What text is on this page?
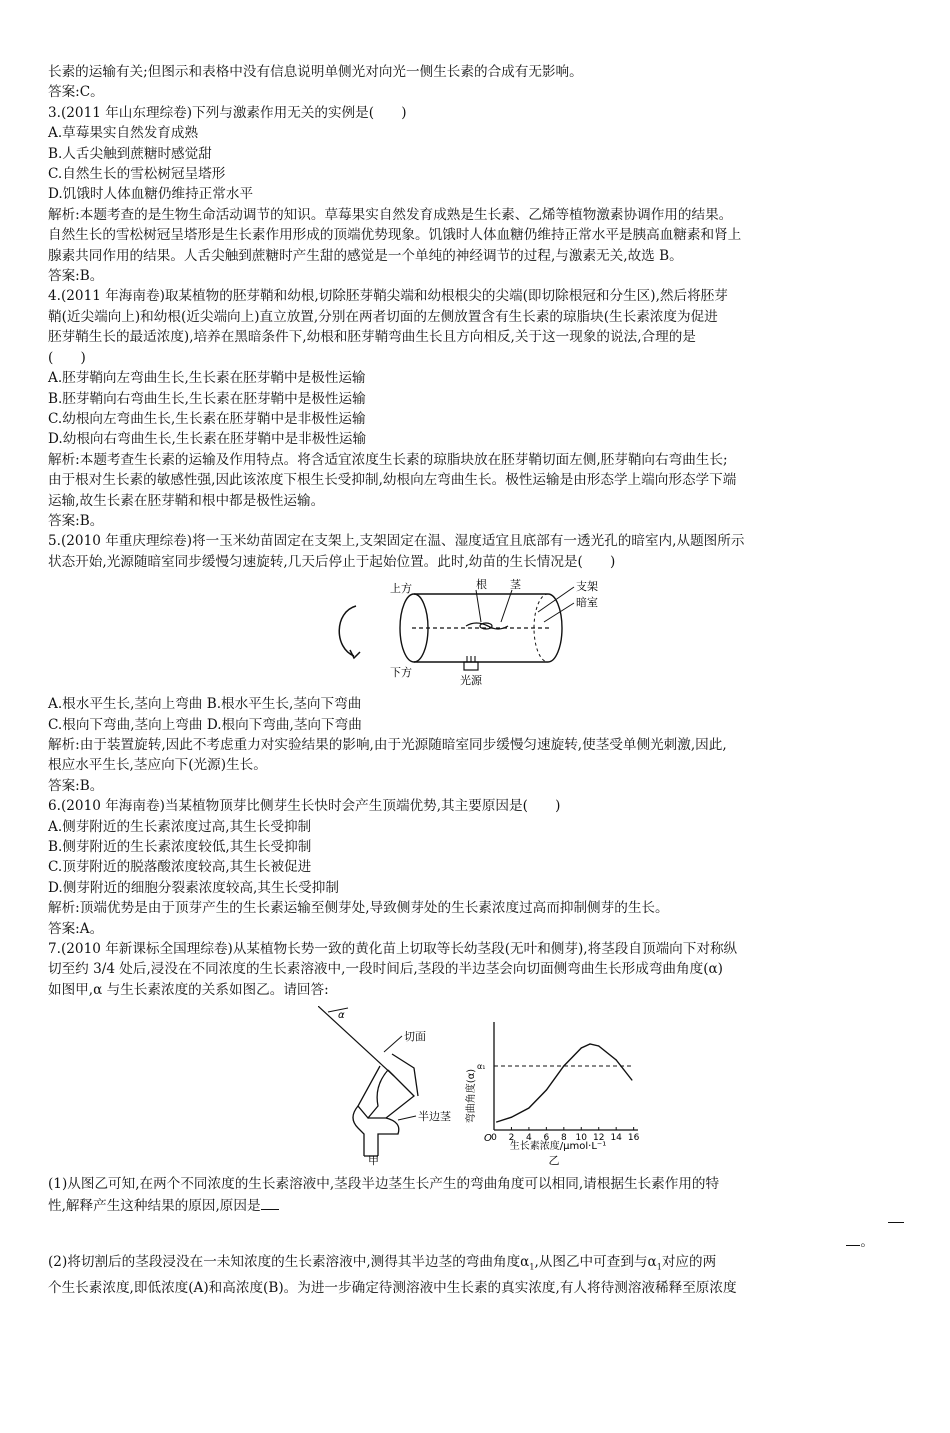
长素的运输有关;但图示和表格中没有信息说明单侧光对向光一侧生长素的合成有无影响。
答案:C。
3.(2011 年山东理综卷)下列与激素作用无关的实例是(　　)
A.草莓果实自然发育成熟
B.人舌尖触到蔗糖时感觉甜
C.自然生长的雪松树冠呈塔形
D.饥饿时人体血糖仍维持正常水平
解析:本题考查的是生物生命活动调节的知识。草莓果实自然发育成熟是生长素、乙烯等植物激素协调作用的结果。
自然生长的雪松树冠呈塔形是生长素作用形成的顶端优势现象。饥饿时人体血糖仍维持正常水平是胰高血糖素和肾上
腺素共同作用的结果。人舌尖触到蔗糖时产生甜的感觉是一个单纯的神经调节的过程,与激素无关,故选 B。
答案:B。
4.(2011 年海南卷)取某植物的胚芽鞘和幼根,切除胚芽鞘尖端和幼根根尖的尖端(即切除根冠和分生区),然后将胚芽
鞘(近尖端向上)和幼根(近尖端向上)直立放置,分别在两者切面的左侧放置含有生长素的琼脂块(生长素浓度为促进
胚芽鞘生长的最适浓度),培养在黑暗条件下,幼根和胚芽鞘弯曲生长且方向相反,关于这一现象的说法,合理的是
(　　)
A.胚芽鞘向左弯曲生长,生长素在胚芽鞘中是极性运输
B.胚芽鞘向右弯曲生长,生长素在胚芽鞘中是极性运输
C.幼根向左弯曲生长,生长素在胚芽鞘中是非极性运输
D.幼根向右弯曲生长,生长素在胚芽鞘中是非极性运输
解析:本题考查生长素的运输及作用特点。将含适宜浓度生长素的琼脂块放在胚芽鞘切面左侧,胚芽鞘向右弯曲生长;
由于根对生长素的敏感性强,因此该浓度下根生长受抑制,幼根向左弯曲生长。极性运输是由形态学上端向形态学下端
运输,故生长素在胚芽鞘和根中都是极性运输。
答案:B。
5.(2010 年重庆理综卷)将一玉米幼苗固定在支架上,支架固定在温、湿度适宜且底部有一透光孔的暗室内,从题图所示
状态开始,光源随暗室同步缓慢匀速旋转,几天后停止于起始位置。此时,幼苗的生长情况是(　　)
上方	根 茎	支架
暗室
下方
光源
A.根水平生长,茎向上弯曲 B.根水平生长,茎向下弯曲
C.根向下弯曲,茎向上弯曲 D.根向下弯曲,茎向下弯曲
解析:由于装置旋转,因此不考虑重力对实验结果的影响,由于光源随暗室同步缓慢匀速旋转,使茎受单侧光刺激,因此,
根应水平生长,茎应向下(光源)生长。
答案:B。
6.(2010 年海南卷)当某植物顶芽比侧芽生长快时会产生顶端优势,其主要原因是(　　)
A.侧芽附近的生长素浓度过高,其生长受抑制
B.侧芽附近的生长素浓度较低,其生长受抑制
C.顶芽附近的脱落酸浓度较高,其生长被促进
D.侧芽附近的细胞分裂素浓度较高,其生长受抑制
解析:顶端优势是由于顶芽产生的生长素运输至侧芽处,导致侧芽处的生长素浓度过高而抑制侧芽的生长。
答案:A。
7.(2010 年新课标全国理综卷)从某植物长势一致的黄化苗上切取等长幼茎段(无叶和侧芽),将茎段自顶端向下对称纵
切至约 3/4 处后,浸没在不同浓度的生长素溶液中,一段时间后,茎段的半边茎会向切面侧弯曲生长形成弯曲角度(α)
如图甲,α 与生长素浓度的关系如图乙。请回答:
α
切面
半边茎
甲
0 2 4 6 8 10 12 14 16
α₁
O
弯曲角度(α)
生长素浓度/μmol·L⁻¹
乙
(1)从图乙可知,在两个不同浓度的生长素溶液中,茎段半边茎生长产生的弯曲角度可以相同,请根据生长素作用的特
性,解释产生这种结果的原因,原因是
。
(2)将切割后的茎段浸没在一未知浓度的生长素溶液中,测得其半边茎的弯曲角度$\alpha_1$,从图乙中可查到与$\alpha_1$对应的两
个生长素浓度,即低浓度(A)和高浓度(B)。为进一步确定待测溶液中生长素的真实浓度,有人将待测溶液稀释至原浓度
